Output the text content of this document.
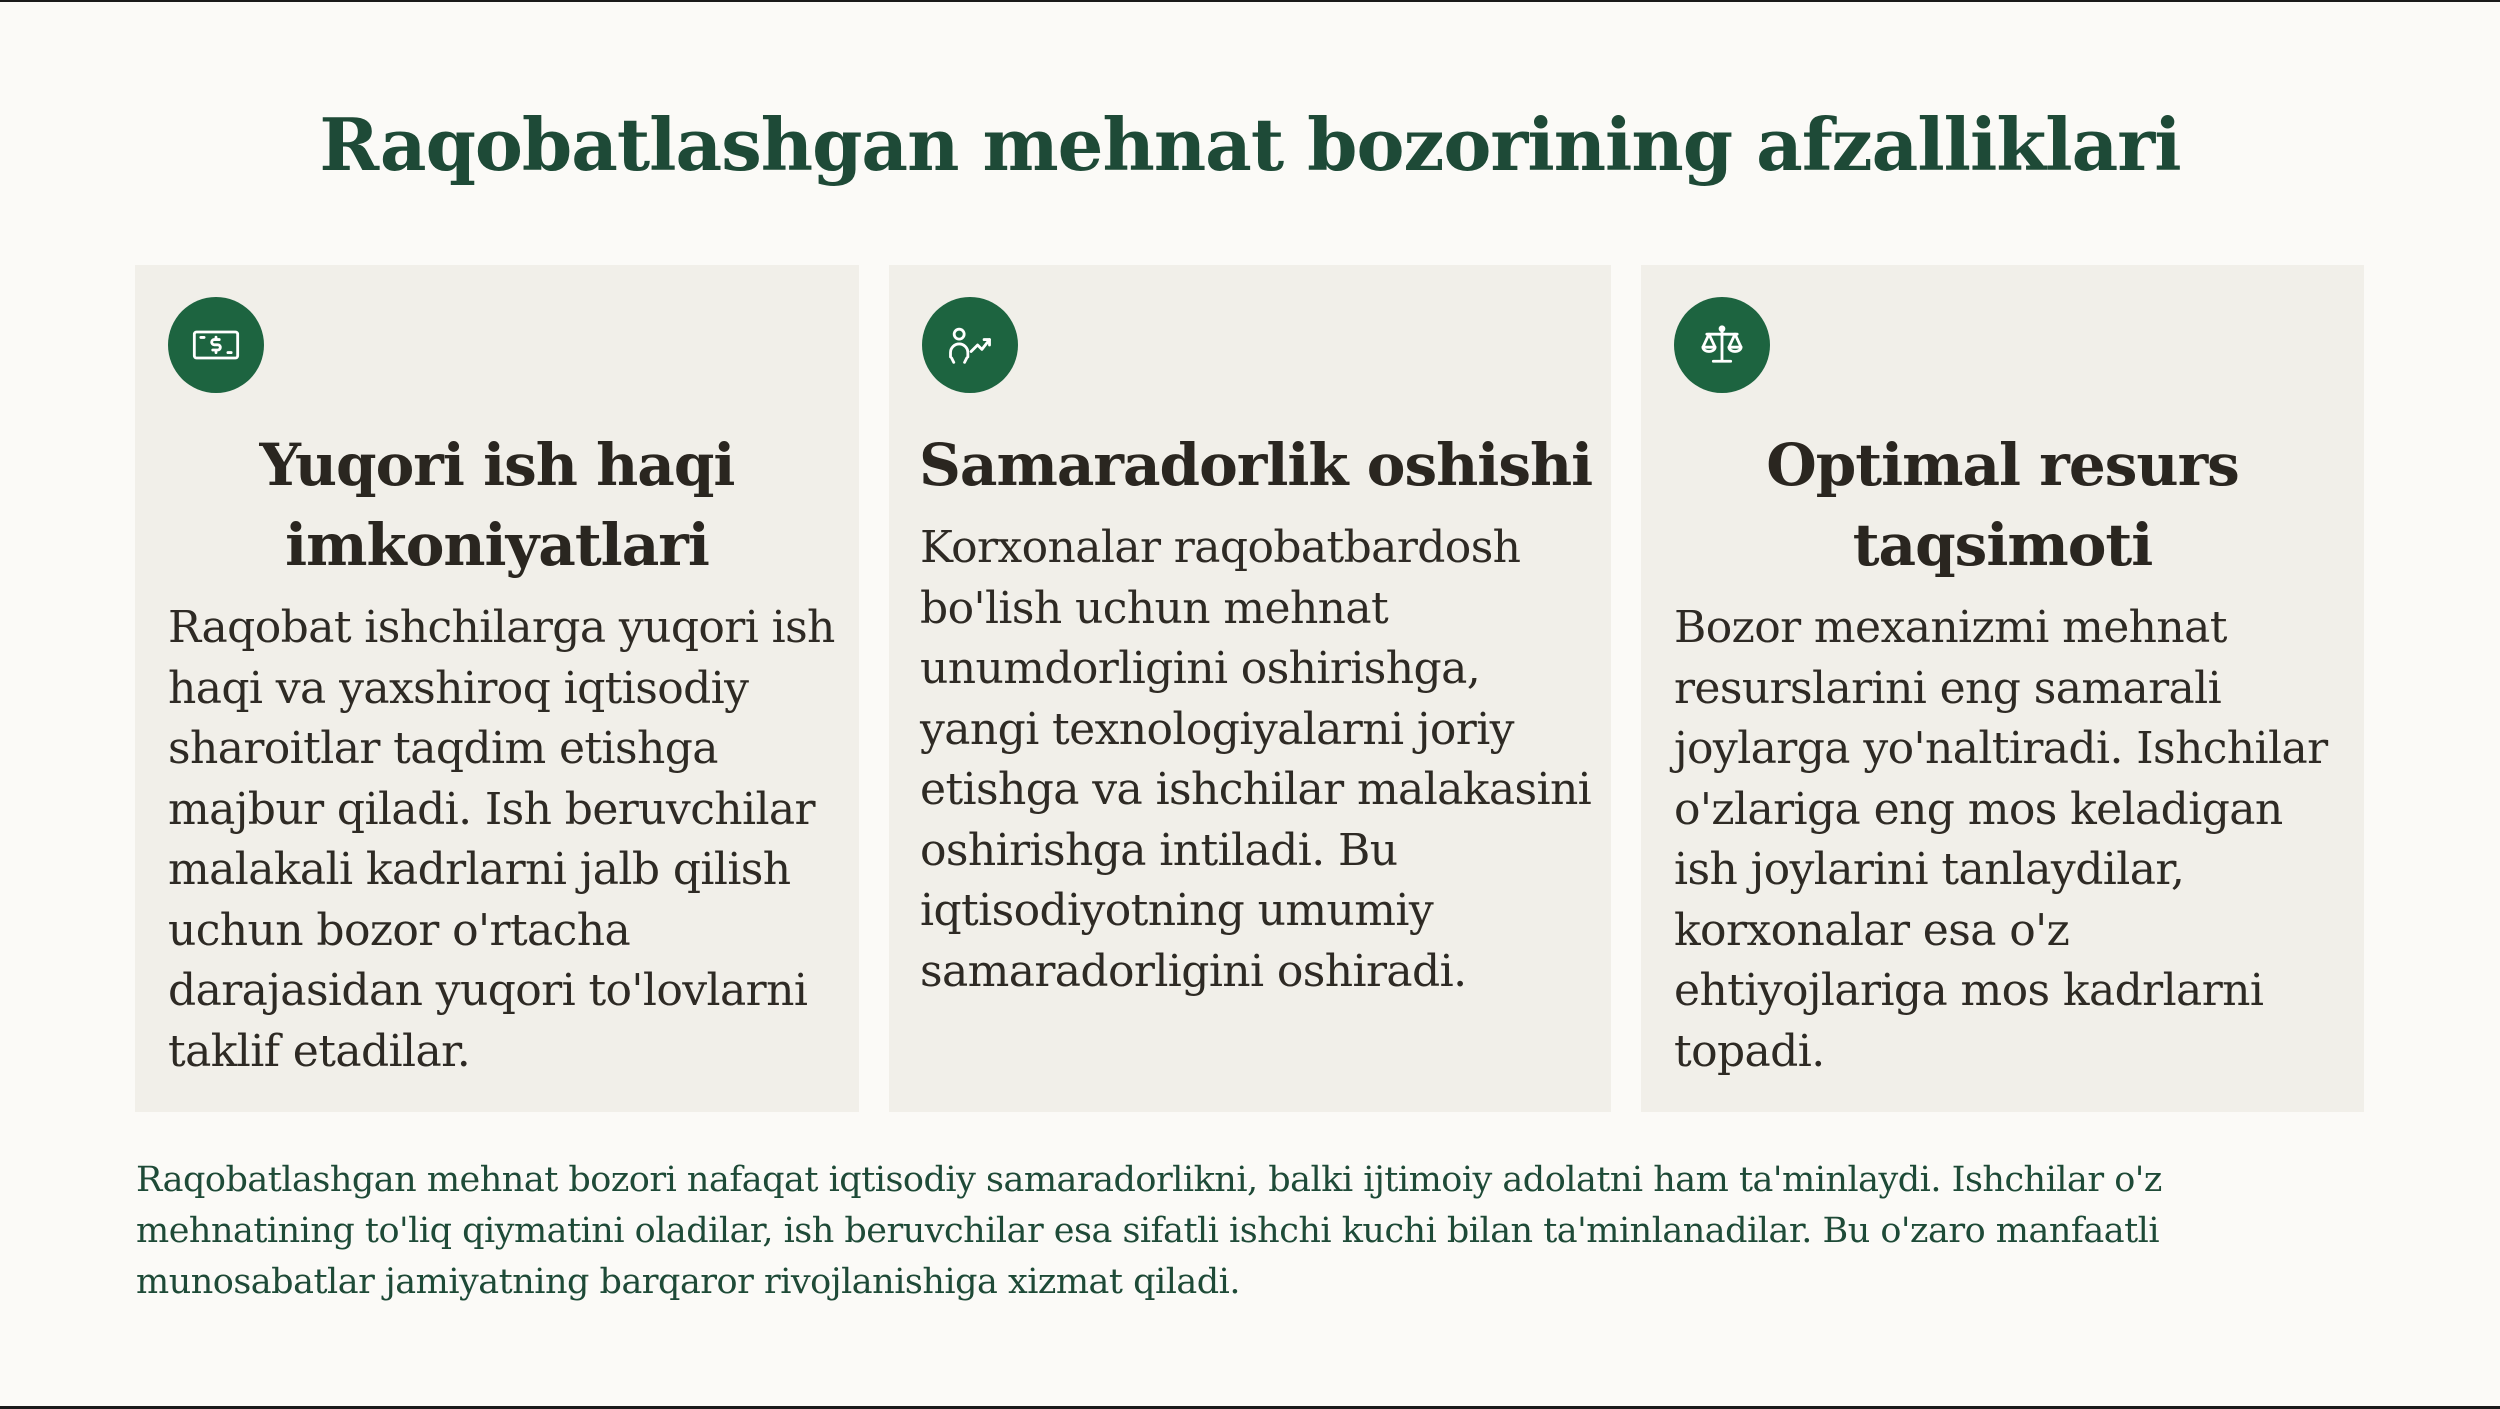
Raqobatlashgan mehnat bozorining afzalliklari
Yuqori ish haqi imkoniyatlari

Raqobat ishchilarga yuqori ish haqi va yaxshiroq iqtisodiy sharoitlar taqdim etishga majbur qiladi. Ish beruvchilar malakali kadrlarni jalb qilish uchun bozor o'rtacha darajasidan yuqori to'lovlarni taklif etadilar.

Samaradorlik oshishi

Korxonalar raqobatbardosh bo'lish uchun mehnat unumdorligini oshirishga, yangi texnologiyalarni joriy etishga va ishchilar malakasini oshirishga intiladi. Bu iqtisodiyotning umumiy samaradorligini oshiradi.

Optimal resurs taqsimoti

Bozor mexanizmi mehnat resurslarini eng samarali joylarga yo'naltiradi. Ishchilar o'zlariga eng mos keladigan ish joylarini tanlaydilar, korxonalar esa o'z ehtiyojlariga mos kadrlarni topadi.

Raqobatlashgan mehnat bozori nafaqat iqtisodiy samaradorlikni, balki ijtimoiy adolatni ham ta'minlaydi. Ishchilar o'z mehnatining to'liq qiymatini oladilar, ish beruvchilar esa sifatli ishchi kuchi bilan ta'minlanadilar. Bu o'zaro manfaatli munosabatlar jamiyatning barqaror rivojlanishiga xizmat qiladi.
